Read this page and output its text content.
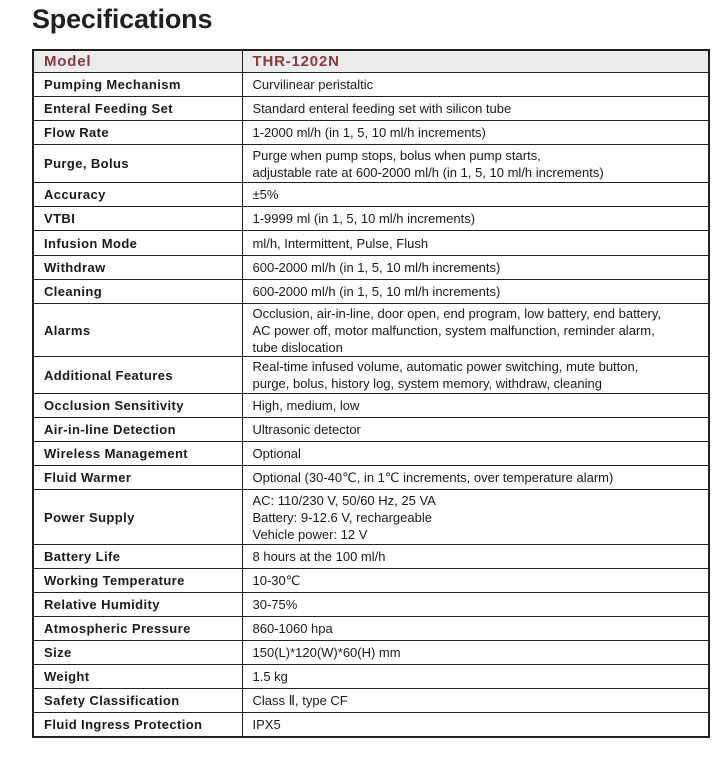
Specifications
Model	THR-1202N
Pumping Mechanism	Curvilinear peristaltic

Enteral Feeding Set	Standard enteral feeding set with silicon tube

Flow Rate	1-2000 ml/h (in 1, 5, 10 ml/h increments)

Purge, Bolus	Purge when pump stops, bolus when pump starts,
adjustable rate at 600-2000 ml/h (in 1, 5, 10 ml/h increments)

Accuracy	±5%

VTBI	1-9999 ml (in 1, 5, 10 ml/h increments)

Infusion Mode	ml/h, Intermittent, Pulse, Flush

Withdraw	600-2000 ml/h (in 1, 5, 10 ml/h increments)

Cleaning	600-2000 ml/h (in 1, 5, 10 ml/h increments)

Alarms	Occlusion, air-in-line, door open, end program, low battery, end battery,
AC power off, motor malfunction, system malfunction, reminder alarm,
tube dislocation

Additional Features	Real-time infused volume, automatic power switching, mute button,
purge, bolus, history log, system memory, withdraw, cleaning

Occlusion Sensitivity	High, medium, low

Air-in-line Detection	Ultrasonic detector

Wireless Management	Optional

Fluid Warmer	Optional (30-40℃, in 1℃ increments, over temperature alarm)

Power Supply	AC: 110/230 V, 50/60 Hz, 25 VA
Battery: 9-12.6 V, rechargeable
Vehicle power: 12 V

Battery Life	8 hours at the 100 ml/h

Working Temperature	10-30℃

Relative Humidity	30-75%

Atmospheric Pressure	860-1060 hpa

Size	150(L)*120(W)*60(H) mm

Weight	1.5 kg

Safety Classification	Class Ⅱ, type CF

Fluid Ingress Protection	IPX5
